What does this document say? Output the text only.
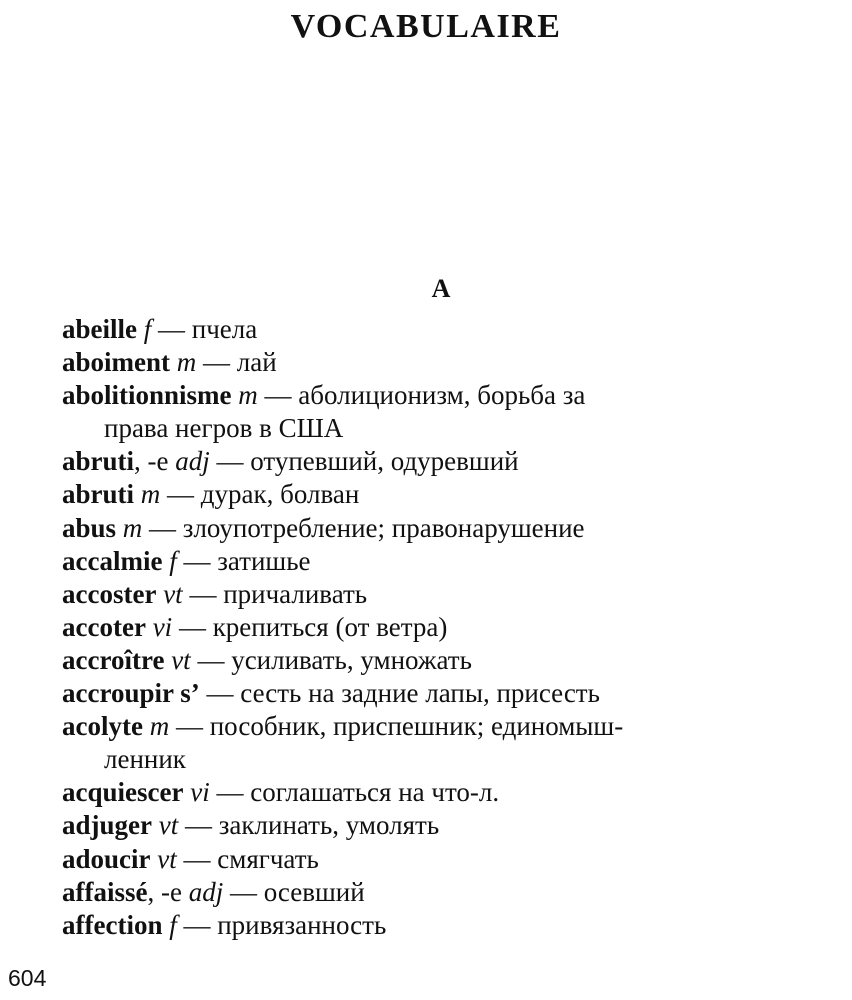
VOCABULAIRE
A
abeille f — пчела
aboiment m — лай
abolitionnisme m — аболиционизм, борьба за
права негров в США
abruti, -e adj — отупевший, одуревший
abruti m — дурак, болван
abus m — злоупотребление; правонарушение
accalmie f — затишье
accoster vt — причаливать
accoter vi — крепиться (от ветра)
accroître vt — усиливать, умножать
accroupir s’ — сесть на задние лапы, присесть
acolyte m — пособник, приспешник; единомыш-
ленник
acquiescer vi — соглашаться на что-л.
adjuger vt — заклинать, умолять
adoucir vt — смягчать
affaissé, -e adj — осевший
affection f — привязанность
604
